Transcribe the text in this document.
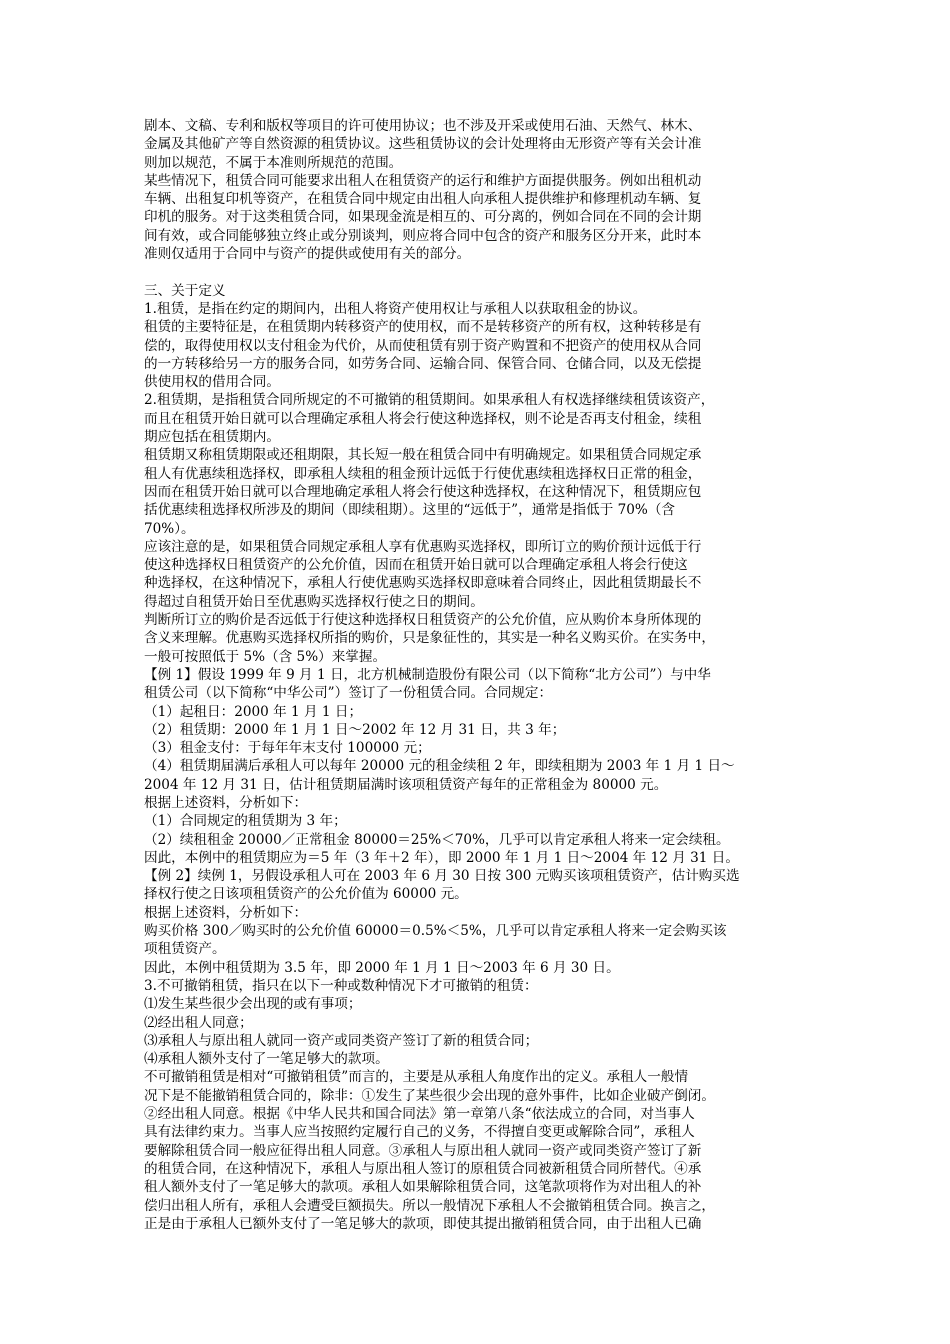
剧本、文稿、专利和版权等项目的许可使用协议；也不涉及开采或使用石油、天然气、林木、
金属及其他矿产等自然资源的租赁协议。这些租赁协议的会计处理将由无形资产等有关会计准
则加以规范，不属于本准则所规范的范围。
某些情况下，租赁合同可能要求出租人在租赁资产的运行和维护方面提供服务。例如出租机动
车辆、出租复印机等资产，在租赁合同中规定由出租人向承租人提供维护和修理机动车辆、复
印机的服务。对于这类租赁合同，如果现金流是相互的、可分离的，例如合同在不同的会计期
间有效，或合同能够独立终止或分别谈判，则应将合同中包含的资产和服务区分开来，此时本
准则仅适用于合同中与资产的提供或使用有关的部分。
三、关于定义
1.租赁，是指在约定的期间内，出租人将资产使用权让与承租人以获取租金的协议。
租赁的主要特征是，在租赁期内转移资产的使用权，而不是转移资产的所有权，这种转移是有
偿的，取得使用权以支付租金为代价，从而使租赁有别于资产购置和不把资产的使用权从合同
的一方转移给另一方的服务合同，如劳务合同、运输合同、保管合同、仓储合同，以及无偿提
供使用权的借用合同。
2.租赁期，是指租赁合同所规定的不可撤销的租赁期间。如果承租人有权选择继续租赁该资产，
而且在租赁开始日就可以合理确定承租人将会行使这种选择权，则不论是否再支付租金，续租
期应包括在租赁期内。
租赁期又称租赁期限或还租期限，其长短一般在租赁合同中有明确规定。如果租赁合同规定承
租人有优惠续租选择权，即承租人续租的租金预计远低于行使优惠续租选择权日正常的租金，
因而在租赁开始日就可以合理地确定承租人将会行使这种选择权，在这种情况下，租赁期应包
括优惠续租选择权所涉及的期间（即续租期）。这里的“远低于”，通常是指低于 70%（含
70%）。
应该注意的是，如果租赁合同规定承租人享有优惠购买选择权，即所订立的购价预计远低于行
使这种选择权日租赁资产的公允价值，因而在租赁开始日就可以合理确定承租人将会行使这
种选择权，在这种情况下，承租人行使优惠购买选择权即意味着合同终止，因此租赁期最长不
得超过自租赁开始日至优惠购买选择权行使之日的期间。
判断所订立的购价是否远低于行使这种选择权日租赁资产的公允价值，应从购价本身所体现的
含义来理解。优惠购买选择权所指的购价，只是象征性的，其实是一种名义购买价。在实务中，
一般可按照低于 5%（含 5%）来掌握。
【例 1】假设 1999 年 9 月 1 日，北方机械制造股份有限公司（以下简称“北方公司”）与中华
租赁公司（以下简称“中华公司”）签订了一份租赁合同。合同规定：
（1）起租日：2000 年 1 月 1 日；
（2）租赁期：2000 年 1 月 1 日～2002 年 12 月 31 日，共 3 年；
（3）租金支付：于每年年末支付 100000 元；
（4）租赁期届满后承租人可以每年 20000 元的租金续租 2 年，即续租期为 2003 年 1 月 1 日～
2004 年 12 月 31 日，估计租赁期届满时该项租赁资产每年的正常租金为 80000 元。
根据上述资料，分析如下：
（1）合同规定的租赁期为 3 年；
（2）续租租金 20000／正常租金 80000＝25%＜70%，几乎可以肯定承租人将来一定会续租。
因此，本例中的租赁期应为＝5 年（3 年＋2 年），即 2000 年 1 月 1 日～2004 年 12 月 31 日。
【例 2】续例 1，另假设承租人可在 2003 年 6 月 30 日按 300 元购买该项租赁资产，估计购买选
择权行使之日该项租赁资产的公允价值为 60000 元。
根据上述资料，分析如下：
购买价格 300／购买时的公允价值 60000＝0.5%＜5%，几乎可以肯定承租人将来一定会购买该
项租赁资产。
因此，本例中租赁期为 3.5 年，即 2000 年 1 月 1 日～2003 年 6 月 30 日。
3.不可撤销租赁，指只在以下一种或数种情况下才可撤销的租赁：
⑴发生某些很少会出现的或有事项；
⑵经出租人同意；
⑶承租人与原出租人就同一资产或同类资产签订了新的租赁合同；
⑷承租人额外支付了一笔足够大的款项。
不可撤销租赁是相对“可撤销租赁”而言的，主要是从承租人角度作出的定义。承租人一般情
况下是不能撤销租赁合同的，除非：①发生了某些很少会出现的意外事件，比如企业破产倒闭。
②经出租人同意。根据《中华人民共和国合同法》第一章第八条“依法成立的合同，对当事人
具有法律约束力。当事人应当按照约定履行自己的义务，不得擅自变更或解除合同”，承租人
要解除租赁合同一般应征得出租人同意。③承租人与原出租人就同一资产或同类资产签订了新
的租赁合同，在这种情况下，承租人与原出租人签订的原租赁合同被新租赁合同所替代。④承
租人额外支付了一笔足够大的款项。承租人如果解除租赁合同，这笔款项将作为对出租人的补
偿归出租人所有，承租人会遭受巨额损失。所以一般情况下承租人不会撤销租赁合同。换言之，
正是由于承租人已额外支付了一笔足够大的款项，即使其提出撤销租赁合同，由于出租人已确
